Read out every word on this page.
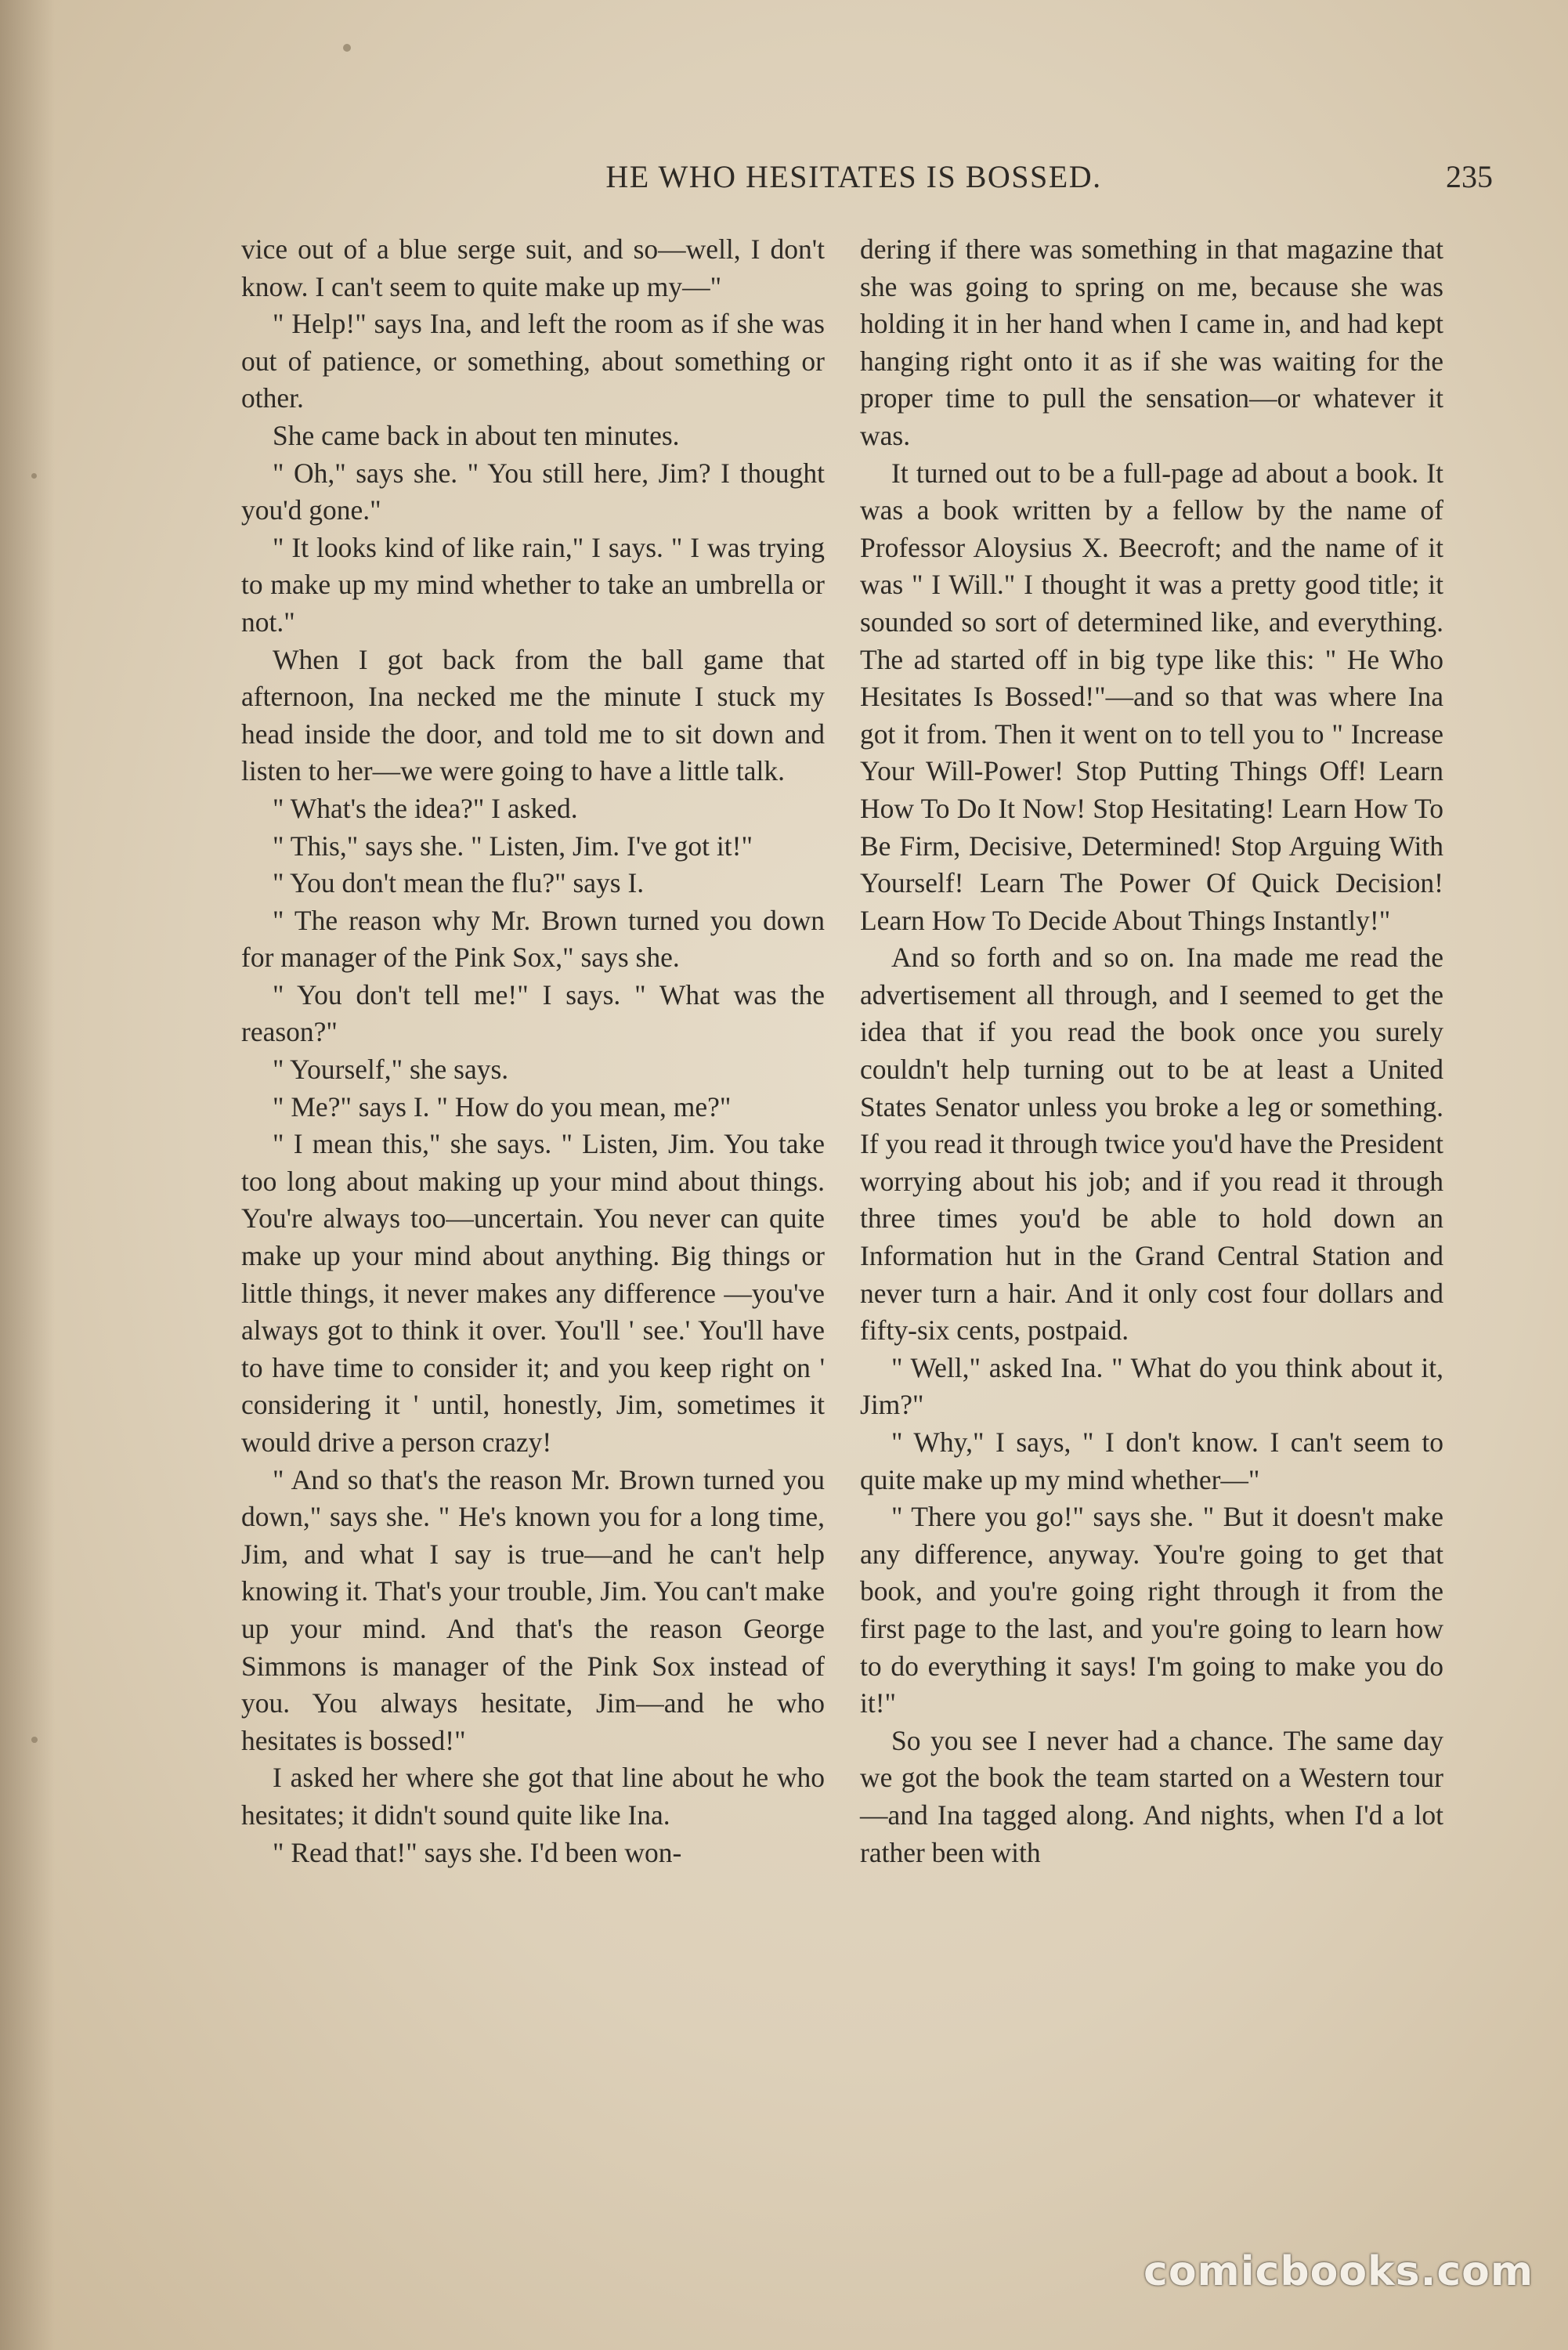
HE WHO HESITATES IS BOSSED.	235

vice out of a blue serge suit, and so—well, I don't know. I can't seem to quite make up my—"

" Help!" says Ina, and left the room as if she was out of patience, or something, about something or other.

She came back in about ten minutes.

" Oh," says she. " You still here, Jim? I thought you'd gone."

" It looks kind of like rain," I says. " I was trying to make up my mind whether to take an umbrella or not."

When I got back from the ball game that afternoon, Ina necked me the minute I stuck my head inside the door, and told me to sit down and listen to her—we were going to have a little talk.

" What's the idea?" I asked.

" This," says she. " Listen, Jim. I've got it!"

" You don't mean the flu?" says I.

" The reason why Mr. Brown turned you down for manager of the Pink Sox," says she.

" You don't tell me!" I says. " What was the reason?"

" Yourself," she says.

" Me?" says I. " How do you mean, me?"

" I mean this," she says. " Listen, Jim. You take too long about making up your mind about things. You're always too—uncertain. You never can quite make up your mind about anything. Big things or little things, it never makes any difference —you've always got to think it over. You'll ' see.' You'll have to have time to consider it; and you keep right on ' considering it ' until, honestly, Jim, sometimes it would drive a person crazy!

" And so that's the reason Mr. Brown turned you down," says she. " He's known you for a long time, Jim, and what I say is true—and he can't help knowing it. That's your trouble, Jim. You can't make up your mind. And that's the reason George Simmons is manager of the Pink Sox instead of you. You always hesitate, Jim—and he who hesitates is bossed!"

I asked her where she got that line about he who hesitates; it didn't sound quite like Ina.

" Read that!" says she. I'd been won-

dering if there was something in that magazine that she was going to spring on me, because she was holding it in her hand when I came in, and had kept hanging right onto it as if she was waiting for the proper time to pull the sensation—or whatever it was.

It turned out to be a full-page ad about a book. It was a book written by a fellow by the name of Professor Aloysius X. Beecroft; and the name of it was " I Will." I thought it was a pretty good title; it sounded so sort of determined like, and everything. The ad started off in big type like this: " He Who Hesitates Is Bossed!"—and so that was where Ina got it from. Then it went on to tell you to " Increase Your Will-Power! Stop Putting Things Off! Learn How To Do It Now! Stop Hesitating! Learn How To Be Firm, Decisive, Determined! Stop Arguing With Yourself! Learn The Power Of Quick Decision! Learn How To Decide About Things Instantly!"

And so forth and so on. Ina made me read the advertisement all through, and I seemed to get the idea that if you read the book once you surely couldn't help turning out to be at least a United States Senator unless you broke a leg or something. If you read it through twice you'd have the President worrying about his job; and if you read it through three times you'd be able to hold down an Information hut in the Grand Central Station and never turn a hair. And it only cost four dollars and fifty-six cents, postpaid.

" Well," asked Ina. " What do you think about it, Jim?"

" Why," I says, " I don't know. I can't seem to quite make up my mind whether—"

" There you go!" says she. " But it doesn't make any difference, anyway. You're going to get that book, and you're going right through it from the first page to the last, and you're going to learn how to do everything it says! I'm going to make you do it!"

So you see I never had a chance. The same day we got the book the team started on a Western tour—and Ina tagged along. And nights, when I'd a lot rather been with

comicbooks.com
